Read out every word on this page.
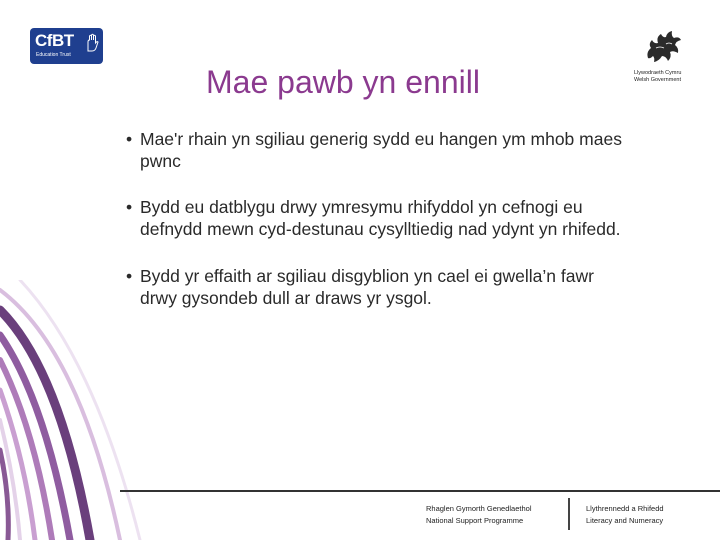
CfBT
Education Trust
Llywodraeth Cymru
Welsh Government
Mae pawb yn ennill
• Mae'r rhain yn sgiliau generig sydd eu hangen ym mhob maes pwnc
• Bydd eu datblygu drwy ymresymu rhifyddol yn cefnogi eu defnydd mewn cyd-destunau cysylltiedig nad ydynt yn rhifedd.
• Bydd yr effaith ar sgiliau disgyblion yn cael ei gwella’n fawr drwy gysondeb dull ar draws yr ysgol.
Rhaglen Gymorth Genedlaethol
National Support Programme
Llythrennedd a Rhifedd
Literacy and Numeracy
